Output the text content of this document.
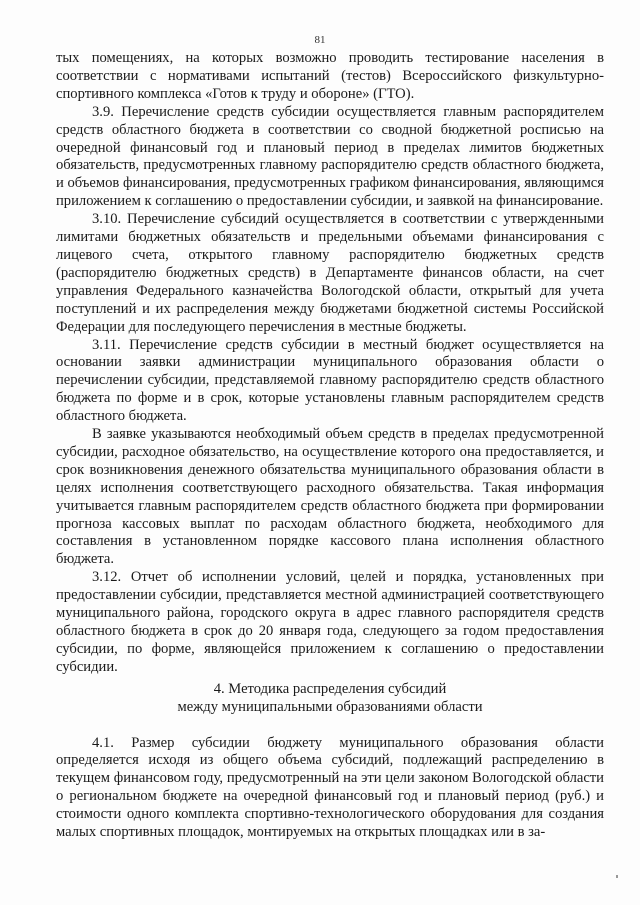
81

тых помещениях, на которых возможно проводить тестирование населения в соответствии с нормативами испытаний (тестов) Всероссийского физкультурно-спортивного комплекса «Готов к труду и обороне» (ГТО).

3.9. Перечисление средств субсидии осуществляется главным распорядителем средств областного бюджета в соответствии со сводной бюджетной росписью на очередной финансовый год и плановый период в пределах лимитов бюджетных обязательств, предусмотренных главному распорядителю средств областного бюджета, и объемов финансирования, предусмотренных графиком финансирования, являющимся приложением к соглашению о предоставлении субсидии, и заявкой на финансирование.

3.10. Перечисление субсидий осуществляется в соответствии с утвержденными лимитами бюджетных обязательств и предельными объемами финансирования с лицевого счета, открытого главному распорядителю бюджетных средств (распорядителю бюджетных средств) в Департаменте финансов области, на счет управления Федерального казначейства Вологодской области, открытый для учета поступлений и их распределения между бюджетами бюджетной системы Российской Федерации для последующего перечисления в местные бюджеты.

3.11. Перечисление средств субсидии в местный бюджет осуществляется на основании заявки администрации муниципального образования области о перечислении субсидии, представляемой главному распорядителю средств областного бюджета по форме и в срок, которые установлены главным распорядителем средств областного бюджета.

В заявке указываются необходимый объем средств в пределах предусмотренной субсидии, расходное обязательство, на осуществление которого она предоставляется, и срок возникновения денежного обязательства муниципального образования области в целях исполнения соответствующего расходного обязательства. Такая информация учитывается главным распорядителем средств областного бюджета при формировании прогноза кассовых выплат по расходам областного бюджета, необходимого для составления в установленном порядке кассового плана исполнения областного бюджета.

3.12. Отчет об исполнении условий, целей и порядка, установленных при предоставлении субсидии, представляется местной администрацией соответствующего муниципального района, городского округа в адрес главного распорядителя средств областного бюджета в срок до 20 января года, следующего за годом предоставления субсидии, по форме, являющейся приложением к соглашению о предоставлении субсидии.

4. Методика распределения субсидий
между муниципальными образованиями области

4.1. Размер субсидии бюджету муниципального образования области определяется исходя из общего объема субсидий, подлежащий распределению в текущем финансовом году, предусмотренный на эти цели законом Вологодской области о региональном бюджете на очередной финансовый год и плановый период (руб.) и стоимости одного комплекта спортивно-технологического оборудования для создания малых спортивных площадок, монтируемых на открытых площадках или в за-
